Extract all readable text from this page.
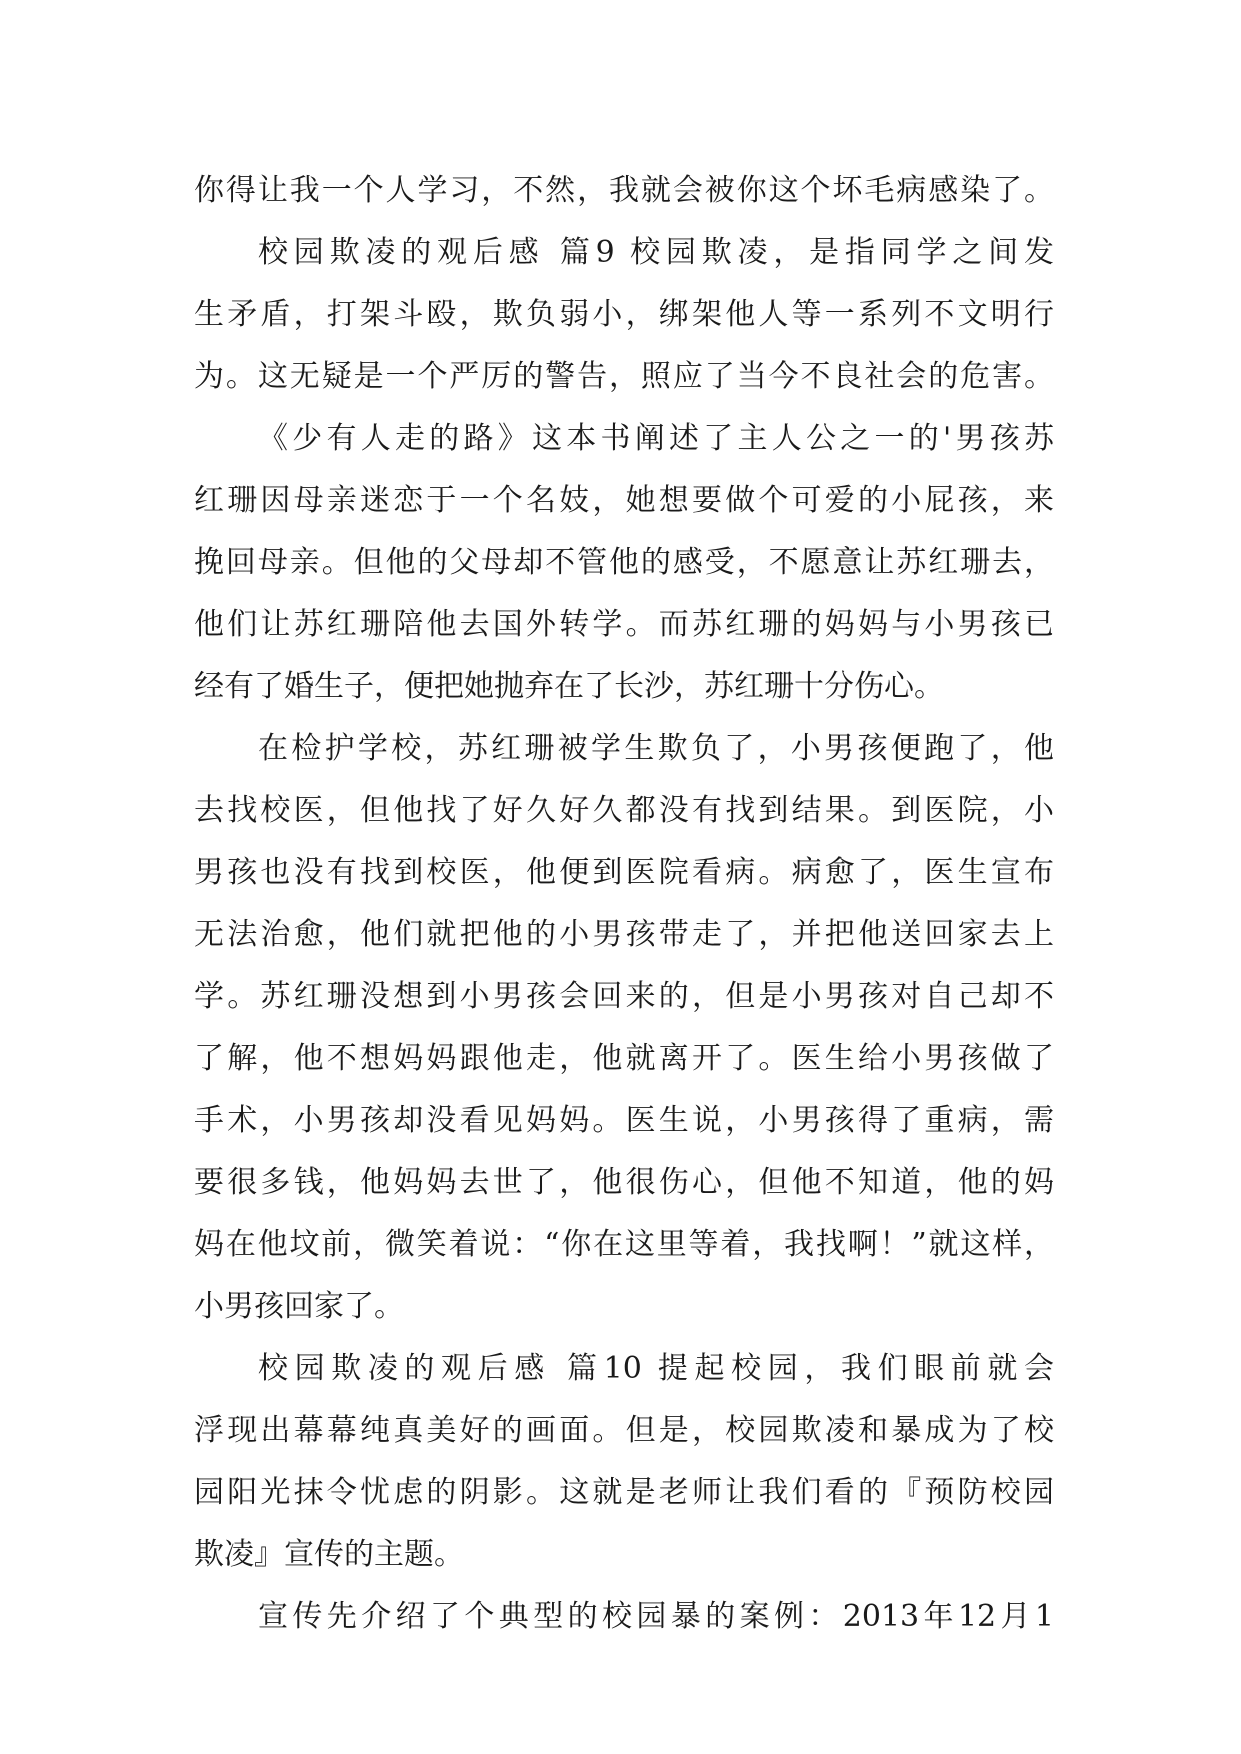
你得让我一个人学习，不然，我就会被你这个坏毛病感染了。
校园欺凌的观后感 篇9 校园欺凌，是指同学之间发
生矛盾，打架斗殴，欺负弱小，绑架他人等一系列不文明行
为。这无疑是一个严厉的警告，照应了当今不良社会的危害。
《少有人走的路》这本书阐述了主人公之一的'男孩苏
红珊因母亲迷恋于一个名妓，她想要做个可爱的小屁孩，来
挽回母亲。但他的父母却不管他的感受，不愿意让苏红珊去，
他们让苏红珊陪他去国外转学。而苏红珊的妈妈与小男孩已
经有了婚生子，便把她抛弃在了长沙，苏红珊十分伤心。
在检护学校，苏红珊被学生欺负了，小男孩便跑了，他
去找校医，但他找了好久好久都没有找到结果。到医院，小
男孩也没有找到校医，他便到医院看病。病愈了，医生宣布
无法治愈，他们就把他的小男孩带走了，并把他送回家去上
学。苏红珊没想到小男孩会回来的，但是小男孩对自己却不
了解，他不想妈妈跟他走，他就离开了。医生给小男孩做了
手术，小男孩却没看见妈妈。医生说，小男孩得了重病，需
要很多钱，他妈妈去世了，他很伤心，但他不知道，他的妈
妈在他坟前，微笑着说：“你在这里等着，我找啊！”就这样，
小男孩回家了。
校园欺凌的观后感 篇10 提起校园，我们眼前就会
浮现出幕幕纯真美好的画面。但是，校园欺凌和暴成为了校
园阳光抹令忧虑的阴影。这就是老师让我们看的『预防校园
欺凌』宣传的主题。
宣传先介绍了个典型的校园暴的案例：2013年12月1
